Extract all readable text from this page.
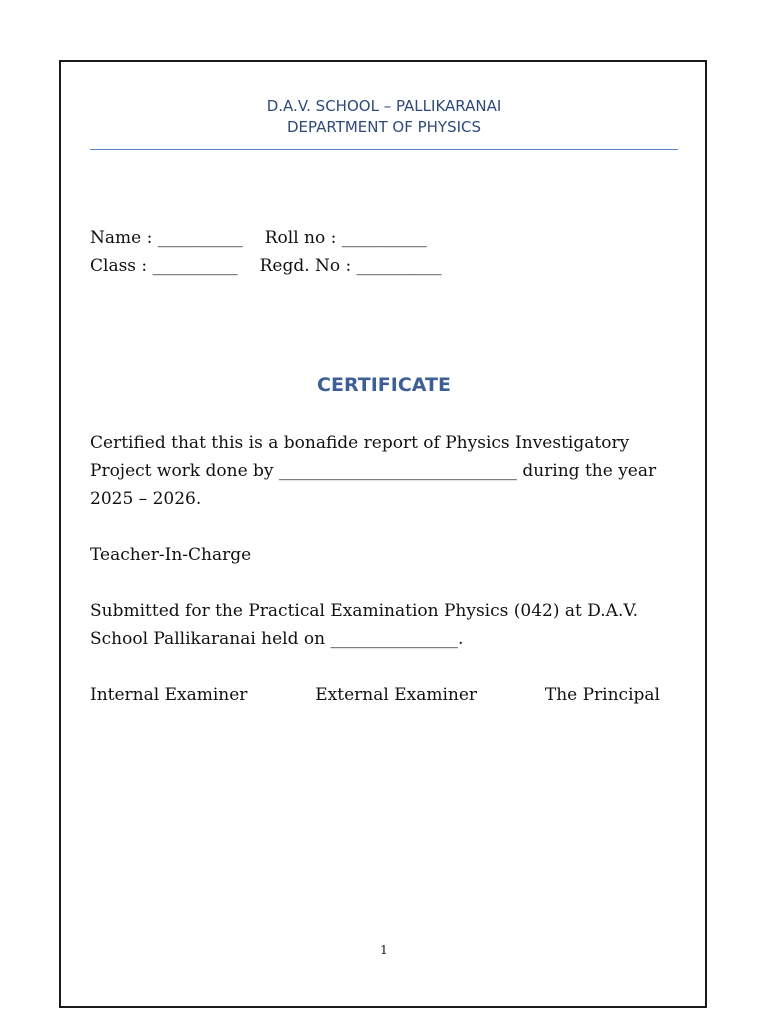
D.A.V. SCHOOL – PALLIKARANAI
DEPARTMENT OF PHYSICS
Name : __________ Roll no : __________
Class : __________ Regd. No : __________
CERTIFICATE
Certified that this is a bonafide report of Physics Investigatory Project work done by ____________________________ during the year 2025 – 2026.
Teacher-In-Charge
Submitted for the Practical Examination Physics (042) at D.A.V. School Pallikaranai held on _______________.
Internal Examiner	External Examiner	The Principal
1
